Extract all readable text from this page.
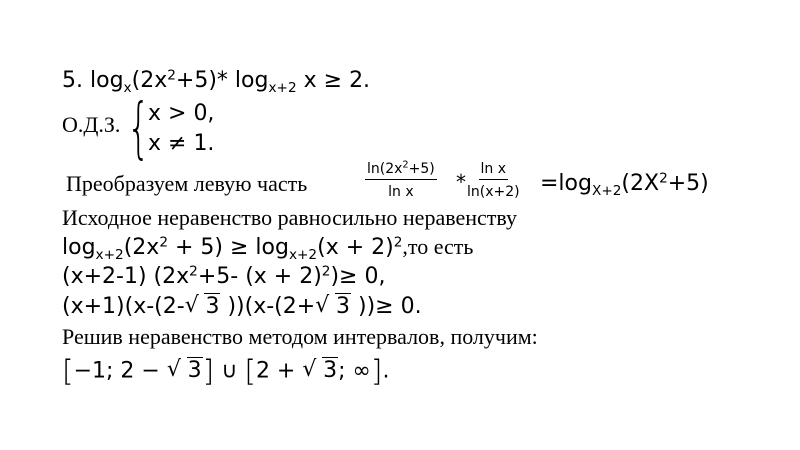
5. $\log_x(2x^2+5)*$ $\log_{x+2} x \ge 2$.
О.Д.З. {
x > 0,
x ≠ 1.
Преобразуем левую часть	$\frac{\ln(2x^2+5)}{\text{ln x}} * \frac{\text{ln x}}{\ln(x+2)} =\log_{X+2}(2X^2+5)$
Исходное неравенство равносильно неравенству
$\log_{x+2}(2x^2 + 5) \ge \log_{x+2}(x + 2)^2,то$ есть
(x+2-1) ($2x^2+5-$ $(x + 2)^2)\ge 0$,
(x+1)(x-(2- √ 3 ))(x-(2+ √ 3 ))≥ 0.
Решив неравенство методом интервалов, получим:
[−1; 2 − √ 3] ∪ [2 + √ 3; ∞].
